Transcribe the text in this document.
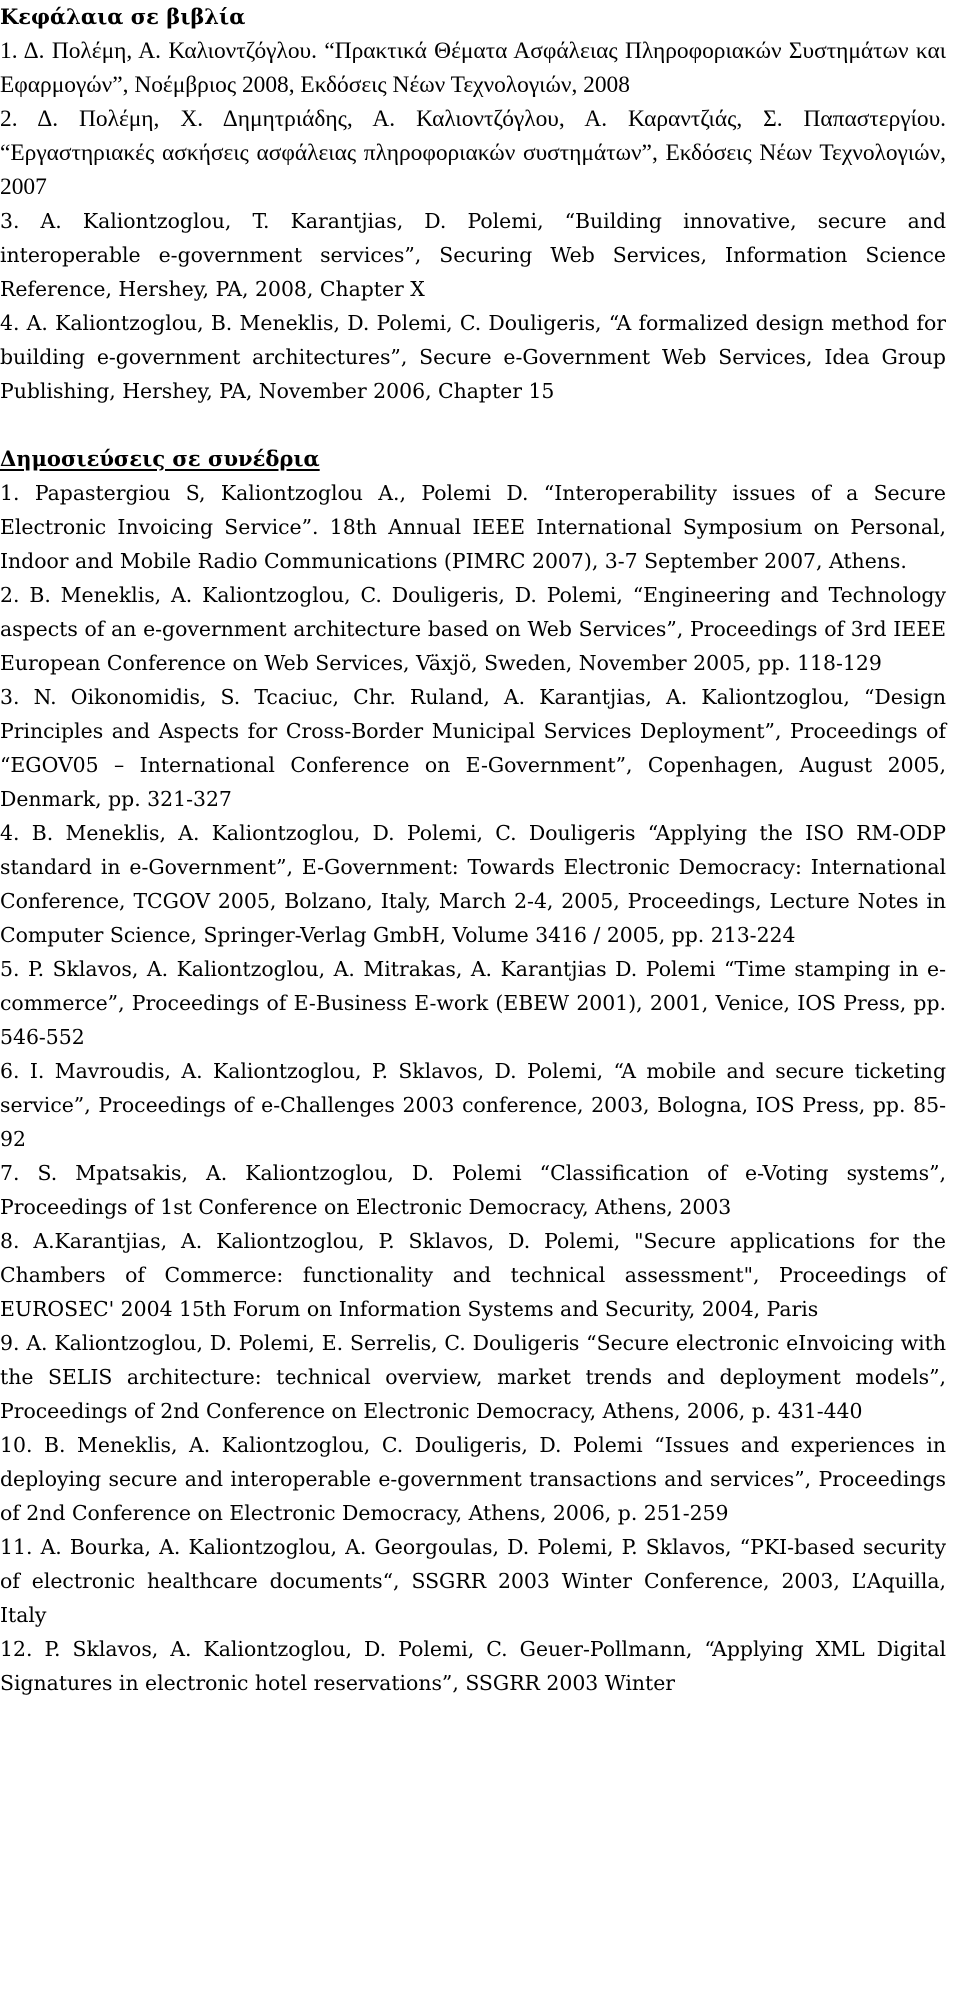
Κεφάλαια σε βιβλία

1. Δ. Πολέμη, Α. Καλιοντζόγλου. “Πρακτικά Θέματα Ασφάλειας Πληροφοριακών Συστημάτων και Εφαρμογών”, Νοέμβριος 2008, Εκδόσεις Νέων Τεχνολογιών, 2008

2. Δ. Πολέμη, Χ. Δημητριάδης, Α. Καλιοντζόγλου, Α. Καραντζιάς, Σ. Παπαστεργίου. “Εργαστηριακές ασκήσεις ασφάλειας πληροφοριακών συστημάτων”, Εκδόσεις Νέων Τεχνολογιών, 2007

3. A. Kaliontzoglou, T. Karantjias, D. Polemi, “Building innovative, secure and interoperable e-government services”, Securing Web Services, Information Science Reference, Hershey, PA, 2008, Chapter X

4. A. Kaliontzoglou, B. Meneklis, D. Polemi, C. Douligeris, “A formalized design method for building e-government architectures”, Secure e-Government Web Services, Idea Group Publishing, Hershey, PA, November 2006, Chapter 15

Δημοσιεύσεις σε συνέδρια

1. Papastergiou S, Kaliontzoglou A., Polemi D. “Interoperability issues of a Secure Electronic Invoicing Service”. 18th Annual IEEE International Symposium on Personal, Indoor and Mobile Radio Communications (PIMRC 2007), 3-7 September 2007, Athens.

2. B. Meneklis, A. Kaliontzoglou, C. Douligeris, D. Polemi, “Engineering and Technology aspects of an e-government architecture based on Web Services”, Proceedings of 3rd IEEE European Conference on Web Services, Växjö, Sweden, November 2005, pp. 118-129

3. N. Oikonomidis, S. Tcaciuc, Chr. Ruland, A. Karantjias, A. Kaliontzoglou, “Design Principles and Aspects for Cross-Border Municipal Services Deployment”, Proceedings of “EGOV05 – International Conference on E-Government”, Copenhagen, August 2005, Denmark, pp. 321-327

4. B. Meneklis, A. Kaliontzoglou, D. Polemi, C. Douligeris “Applying the ISO RM-ODP standard in e-Government”, E-Government: Towards Electronic Democracy: International Conference, TCGOV 2005, Bolzano, Italy, March 2-4, 2005, Proceedings, Lecture Notes in Computer Science, Springer-Verlag GmbH, Volume 3416 / 2005, pp. 213-224

5. P. Sklavos, A. Kaliontzoglou, A. Mitrakas, A. Karantjias D. Polemi “Time stamping in e-commerce”, Proceedings of E-Business E-work (EBEW 2001), 2001, Venice, IOS Press, pp. 546-552

6. I. Mavroudis, A. Kaliontzoglou, P. Sklavos, D. Polemi, “A mobile and secure ticketing service”, Proceedings of e-Challenges 2003 conference, 2003, Bologna, IOS Press, pp. 85-92

7. S. Mpatsakis, A. Kaliontzoglou, D. Polemi “Classification of e-Voting systems”, Proceedings of 1st Conference on Electronic Democracy, Athens, 2003

8. A.Karantjias, A. Kaliontzoglou, P. Sklavos, D. Polemi, "Secure applications for the Chambers of Commerce: functionality and technical assessment", Proceedings of EUROSEC' 2004 15th Forum on Information Systems and Security, 2004, Paris

9. A. Kaliontzoglou, D. Polemi, E. Serrelis, C. Douligeris “Secure electronic eInvoicing with the SELIS architecture: technical overview, market trends and deployment models”, Proceedings of 2nd Conference on Electronic Democracy, Athens, 2006, p. 431-440

10. B. Meneklis, A. Kaliontzoglou, C. Douligeris, D. Polemi “Issues and experiences in deploying secure and interoperable e-government transactions and services”, Proceedings of 2nd Conference on Electronic Democracy, Athens, 2006, p. 251-259

11. A. Bourka, A. Kaliontzoglou, A. Georgoulas, D. Polemi, P. Sklavos, “PKI-based security of electronic healthcare documents“, SSGRR 2003 Winter Conference, 2003, L’Aquilla, Italy

12. P. Sklavos, A. Kaliontzoglou, D. Polemi, C. Geuer-Pollmann, “Applying XML Digital Signatures in electronic hotel reservations”, SSGRR 2003 Winter
